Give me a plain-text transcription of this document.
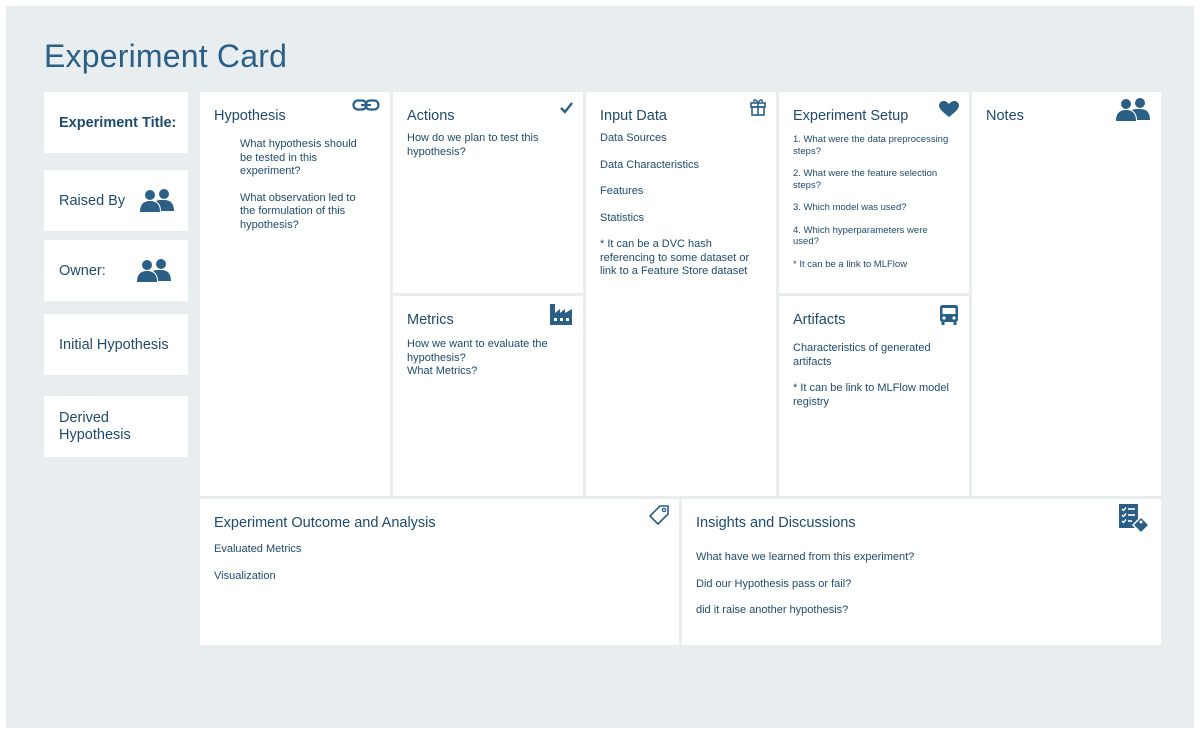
Experiment Card
Experiment Title:
Raised By
Owner:
Initial Hypothesis
Derived Hypothesis
Hypothesis

What hypothesis should be tested in this experiment?

What observation led to the formulation of this hypothesis?

Actions

How do we plan to test this hypothesis?

Metrics

How we want to evaluate the hypothesis?

What Metrics?

Input Data

Data Sources

Data Characteristics

Features

Statistics

* It can be a DVC hash referencing to some dataset or link to a Feature Store dataset

Experiment Setup

1. What were the data preprocessing steps?

2. What were the feature selection steps?

3. Which model was used?

4. Which hyperparameters were used?

* It can be a link to MLFlow

Artifacts

Characteristics of generated artifacts

* It can be link to MLFlow model registry

Notes
Experiment Outcome and Analysis

Evaluated Metrics

Visualization

Insights and Discussions

What have we learned from this experiment?

Did our Hypothesis pass or fail?

did it raise another hypothesis?
